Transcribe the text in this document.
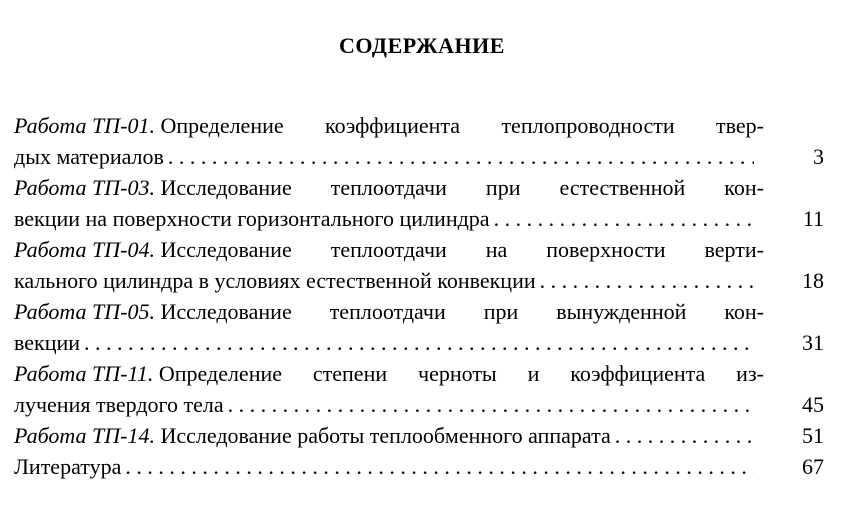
СОДЕРЖАНИЕ
Работа ТП-01. Определение коэффициента теплопроводности твер-
дых материалов . . .	3
Работа ТП-03. Исследование теплоотдачи при естественной кон-
векции на поверхности горизонтального цилиндра . . .	11
Работа ТП-04. Исследование теплоотдачи на поверхности верти-
кального цилиндра в условиях естественной конвекции . . .	18
Работа ТП-05. Исследование теплоотдачи при вынужденной кон-
векции . . .	31
Работа ТП-11. Определение степени черноты и коэффициента из-
лучения твердого тела . . .	45
Работа ТП-14. Исследование работы теплообменного аппарата . . .	51
Литература . . .	67
